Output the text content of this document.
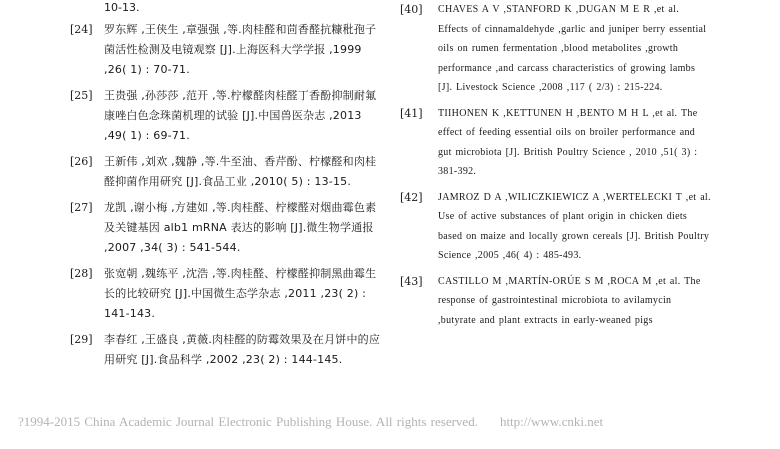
10-13.
[24]	罗东辉 ,王侠生 ,章强强 ,等.肉桂醛和茴香醛抗糠秕孢子菌活性检测及电镜观察 [J].上海医科大学学报 ,1999 ,26( 1) : 70-71.
[25]	王贵强 ,孙莎莎 ,范开 ,等.柠檬醛肉桂醛丁香酚抑制耐氟康唑白色念珠菌机理的试验 [J].中国兽医杂志 ,2013 ,49( 1) : 69-71.
[26]	王新伟 ,刘欢 ,魏静 ,等.牛至油、香芹酚、柠檬醛和肉桂醛抑菌作用研究 [J].食品工业 ,2010( 5) : 13-15.
[27]	龙凯 ,谢小梅 ,方建如 ,等.肉桂醛、柠檬醛对烟曲霉色素及关键基因 alb1 mRNA 表达的影响 [J].微生物学通报 ,2007 ,34( 3) : 541-544.
[28]	张宽朝 ,魏练平 ,沈浩 ,等.肉桂醛、柠檬醛抑制黑曲霉生长的比较研究 [J].中国微生态学杂志 ,2011 ,23( 2) : 141-143.
[29]	李春红 ,王盛良 ,黄薇.肉桂醛的防霉效果及在月饼中的应用研究 [J].食品科学 ,2002 ,23( 2) : 144-145.
[40]	CHAVES A V ,STANFORD K ,DUGAN M E R ,et al. Effects of cinnamaldehyde ,garlic and juniper berry essential oils on rumen fermentation ,blood metabolites ,growth performance ,and carcass characteristics of growing lambs [J]. Livestock Science ,2008 ,117 ( 2/3) : 215-224.
[41]	TIIHONEN K ,KETTUNEN H ,BENTO M H L ,et al. The effect of feeding essential oils on broiler performance and gut microbiota [J]. British Poultry Science , 2010 ,51( 3) : 381-392.
[42]	JAMROZ D A ,WILICZKIEWICZ A ,WERTELECKI T ,et al. Use of active substances of plant origin in chicken diets based on maize and locally grown cereals [J]. British Poultry Science ,2005 ,46( 4) : 485-493.
[43]	CASTILLO M ,MARTÍN-ORÚE S M ,ROCA M ,et al. The response of gastrointestinal microbiota to avilamycin ,butyrate and plant extracts in early-weaned pigs
?1994-2015 China Academic Journal Electronic Publishing House. All rights reserved. http://www.cnki.net
